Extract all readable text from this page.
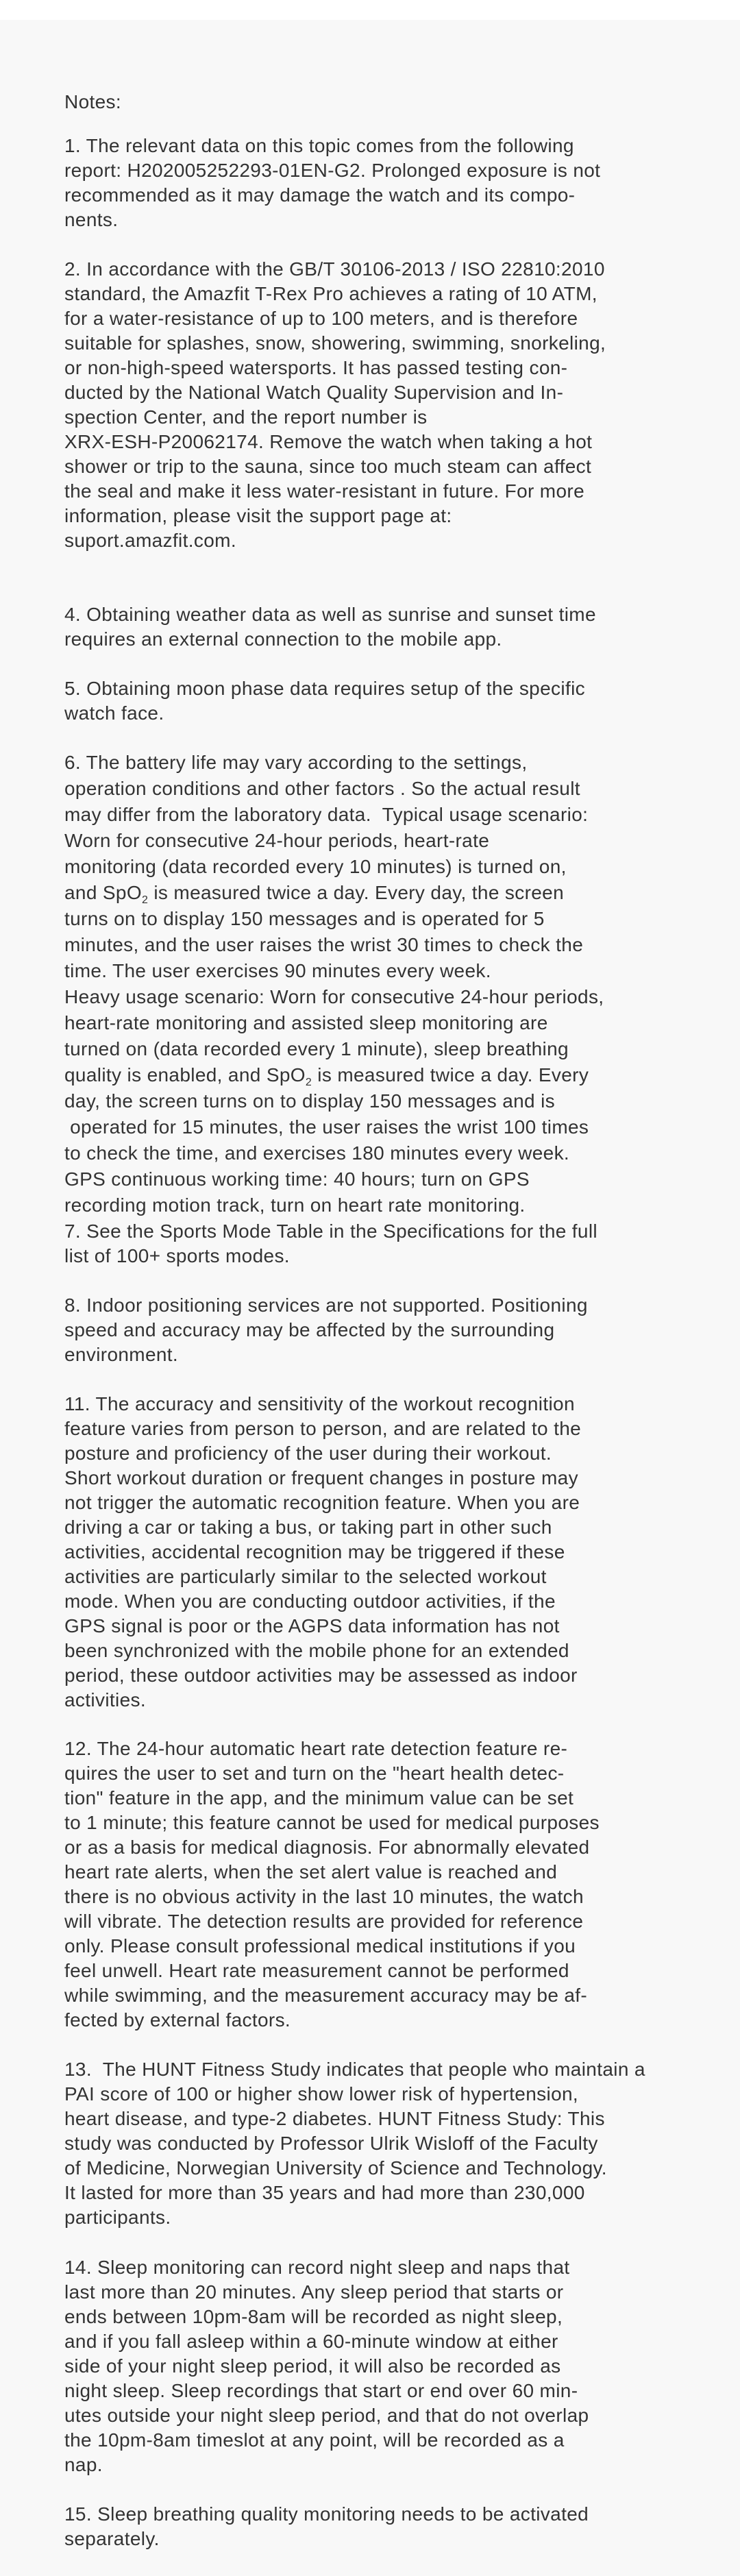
Notes:
1. The relevant data on this topic comes from the following
report: H202005252293-01EN-G2. Prolonged exposure is not
recommended as it may damage the watch and its compo-
nents.
2. In accordance with the GB/T 30106-2013 / ISO 22810:2010
standard, the Amazfit T-Rex Pro achieves a rating of 10 ATM,
for a water-resistance of up to 100 meters, and is therefore
suitable for splashes, snow, showering, swimming, snorkeling,
or non-high-speed watersports. It has passed testing con-
ducted by the National Watch Quality Supervision and In-
spection Center, and the report number is
XRX-ESH-P20062174. Remove the watch when taking a hot
shower or trip to the sauna, since too much steam can affect
the seal and make it less water-resistant in future. For more
information, please visit the support page at:
suport.amazfit.com.
4. Obtaining weather data as well as sunrise and sunset time
requires an external connection to the mobile app.
5. Obtaining moon phase data requires setup of the specific
watch face.
6. The battery life may vary according to the settings,
operation conditions and other factors . So the actual result
may differ from the laboratory data.  Typical usage scenario:
Worn for consecutive 24-hour periods, heart-rate
monitoring (data recorded every 10 minutes) is turned on,
and SpO$_2$ is measured twice a day. Every day, the screen
turns on to display 150 messages and is operated for 5
minutes, and the user raises the wrist 30 times to check the
time. The user exercises 90 minutes every week.
Heavy usage scenario: Worn for consecutive 24-hour periods,
heart-rate monitoring and assisted sleep monitoring are
turned on (data recorded every 1 minute), sleep breathing
quality is enabled, and SpO$_2$ is measured twice a day. Every
day, the screen turns on to display 150 messages and is
operated for 15 minutes, the user raises the wrist 100 times
to check the time, and exercises 180 minutes every week.
GPS continuous working time: 40 hours; turn on GPS
recording motion track, turn on heart rate monitoring.
7. See the Sports Mode Table in the Specifications for the full
list of 100+ sports modes.
8. Indoor positioning services are not supported. Positioning
speed and accuracy may be affected by the surrounding
environment.
11. The accuracy and sensitivity of the workout recognition
feature varies from person to person, and are related to the
posture and proficiency of the user during their workout.
Short workout duration or frequent changes in posture may
not trigger the automatic recognition feature. When you are
driving a car or taking a bus, or taking part in other such
activities, accidental recognition may be triggered if these
activities are particularly similar to the selected workout
mode. When you are conducting outdoor activities, if the
GPS signal is poor or the AGPS data information has not
been synchronized with the mobile phone for an extended
period, these outdoor activities may be assessed as indoor
activities.
12. The 24-hour automatic heart rate detection feature re-
quires the user to set and turn on the "heart health detec-
tion" feature in the app, and the minimum value can be set
to 1 minute; this feature cannot be used for medical purposes
or as a basis for medical diagnosis. For abnormally elevated
heart rate alerts, when the set alert value is reached and
there is no obvious activity in the last 10 minutes, the watch
will vibrate. The detection results are provided for reference
only. Please consult professional medical institutions if you
feel unwell. Heart rate measurement cannot be performed
while swimming, and the measurement accuracy may be af-
fected by external factors.
13.  The HUNT Fitness Study indicates that people who maintain a
PAI score of 100 or higher show lower risk of hypertension,
heart disease, and type-2 diabetes. HUNT Fitness Study: This
study was conducted by Professor Ulrik Wisloff of the Faculty
of Medicine, Norwegian University of Science and Technology.
It lasted for more than 35 years and had more than 230,000
participants.
14. Sleep monitoring can record night sleep and naps that
last more than 20 minutes. Any sleep period that starts or
ends between 10pm-8am will be recorded as night sleep,
and if you fall asleep within a 60-minute window at either
side of your night sleep period, it will also be recorded as
night sleep. Sleep recordings that start or end over 60 min-
utes outside your night sleep period, and that do not overlap
the 10pm-8am timeslot at any point, will be recorded as a
nap.
15. Sleep breathing quality monitoring needs to be activated
separately.
